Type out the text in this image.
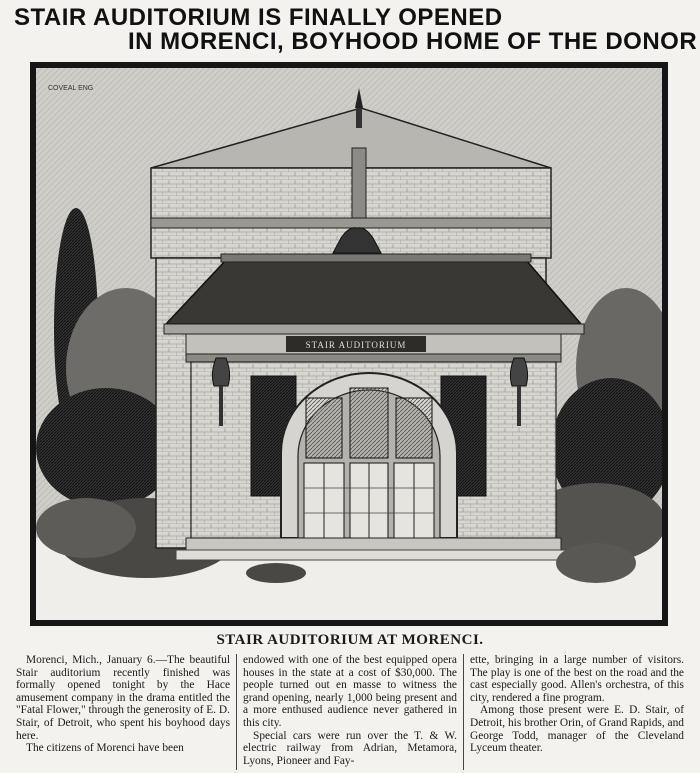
STAIR AUDITORIUM IS FINALLY OPENED
IN MORENCI, BOYHOOD HOME OF THE DONOR
STAIR AUDITORIUM
COVEAL ENG
STAIR AUDITORIUM AT MORENCI.

Morenci, Mich., January 6.—The beautiful Stair auditorium recently finished was formally opened tonight by the Hace amusement company in the drama entitled the "Fatal Flower," through the generosity of E. D. Stair, of Detroit, who spent his boyhood days here.

The citizens of Morenci have been

endowed with one of the best equipped opera houses in the state at a cost of $30,000. The people turned out en masse to witness the grand opening, nearly 1,000 being present and a more enthused audience never gathered in this city.

Special cars were run over the T. & W. electric railway from Adrian, Metamora, Lyons, Pioneer and Fay-

ette, bringing in a large number of visitors. The play is one of the best on the road and the cast especially good. Allen's orchestra, of this city, rendered a fine program.

Among those present were E. D. Stair, of Detroit, his brother Orin, of Grand Rapids, and George Todd, manager of the Cleveland Lyceum theater.
